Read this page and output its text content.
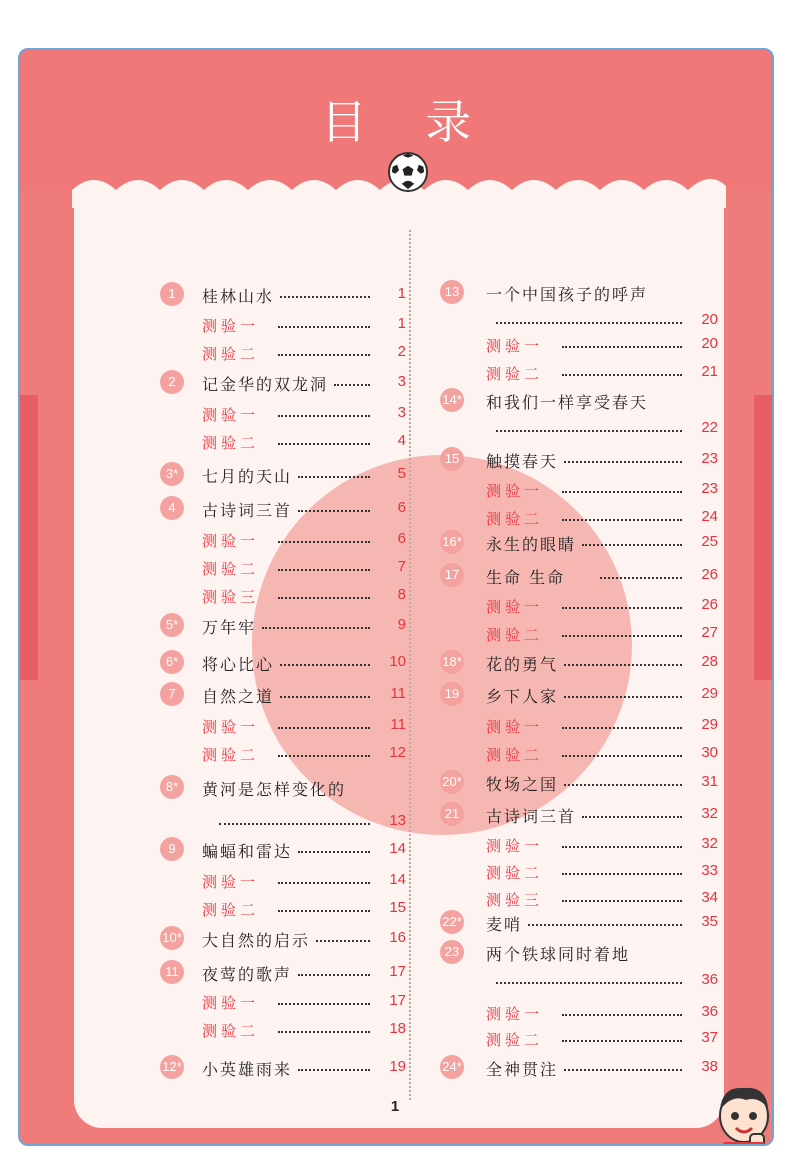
目 录
1	桂林山水	1
测验一	1
测验二	2
2	记金华的双龙洞	3
测验一	3
测验二	4
3*	七月的天山	5
4	古诗词三首	6
测验一	6
测验二	7
测验三	8
5*	万年牢	9
6*	将心比心	10
7	自然之道	11
测验一	11
测验二	12
8*	黄河是怎样变化的
13
9	蝙蝠和雷达	14
测验一	14
测验二	15
10* 大自然的启示	16
11	夜莺的歌声	17
测验一	17
测验二	18
12* 小英雄雨来	19
13 一个中国孩子的呼声
20
测验一	20
测验二	21
14* 和我们一样享受春天
22
15 触摸春天	23
测验一	23
测验二	24
16* 永生的眼睛	25
17 生命 生命	26
测验一	26
测验二	27
18* 花的勇气	28
19 乡下人家	29
测验一	29
测验二	30
20* 牧场之国	31
21 古诗词三首	32
测验一	32
测验二	33
测验三	34
22* 麦哨	35
23 两个铁球同时着地
36
测验一	36
测验二	37
24* 全神贯注	38
1
